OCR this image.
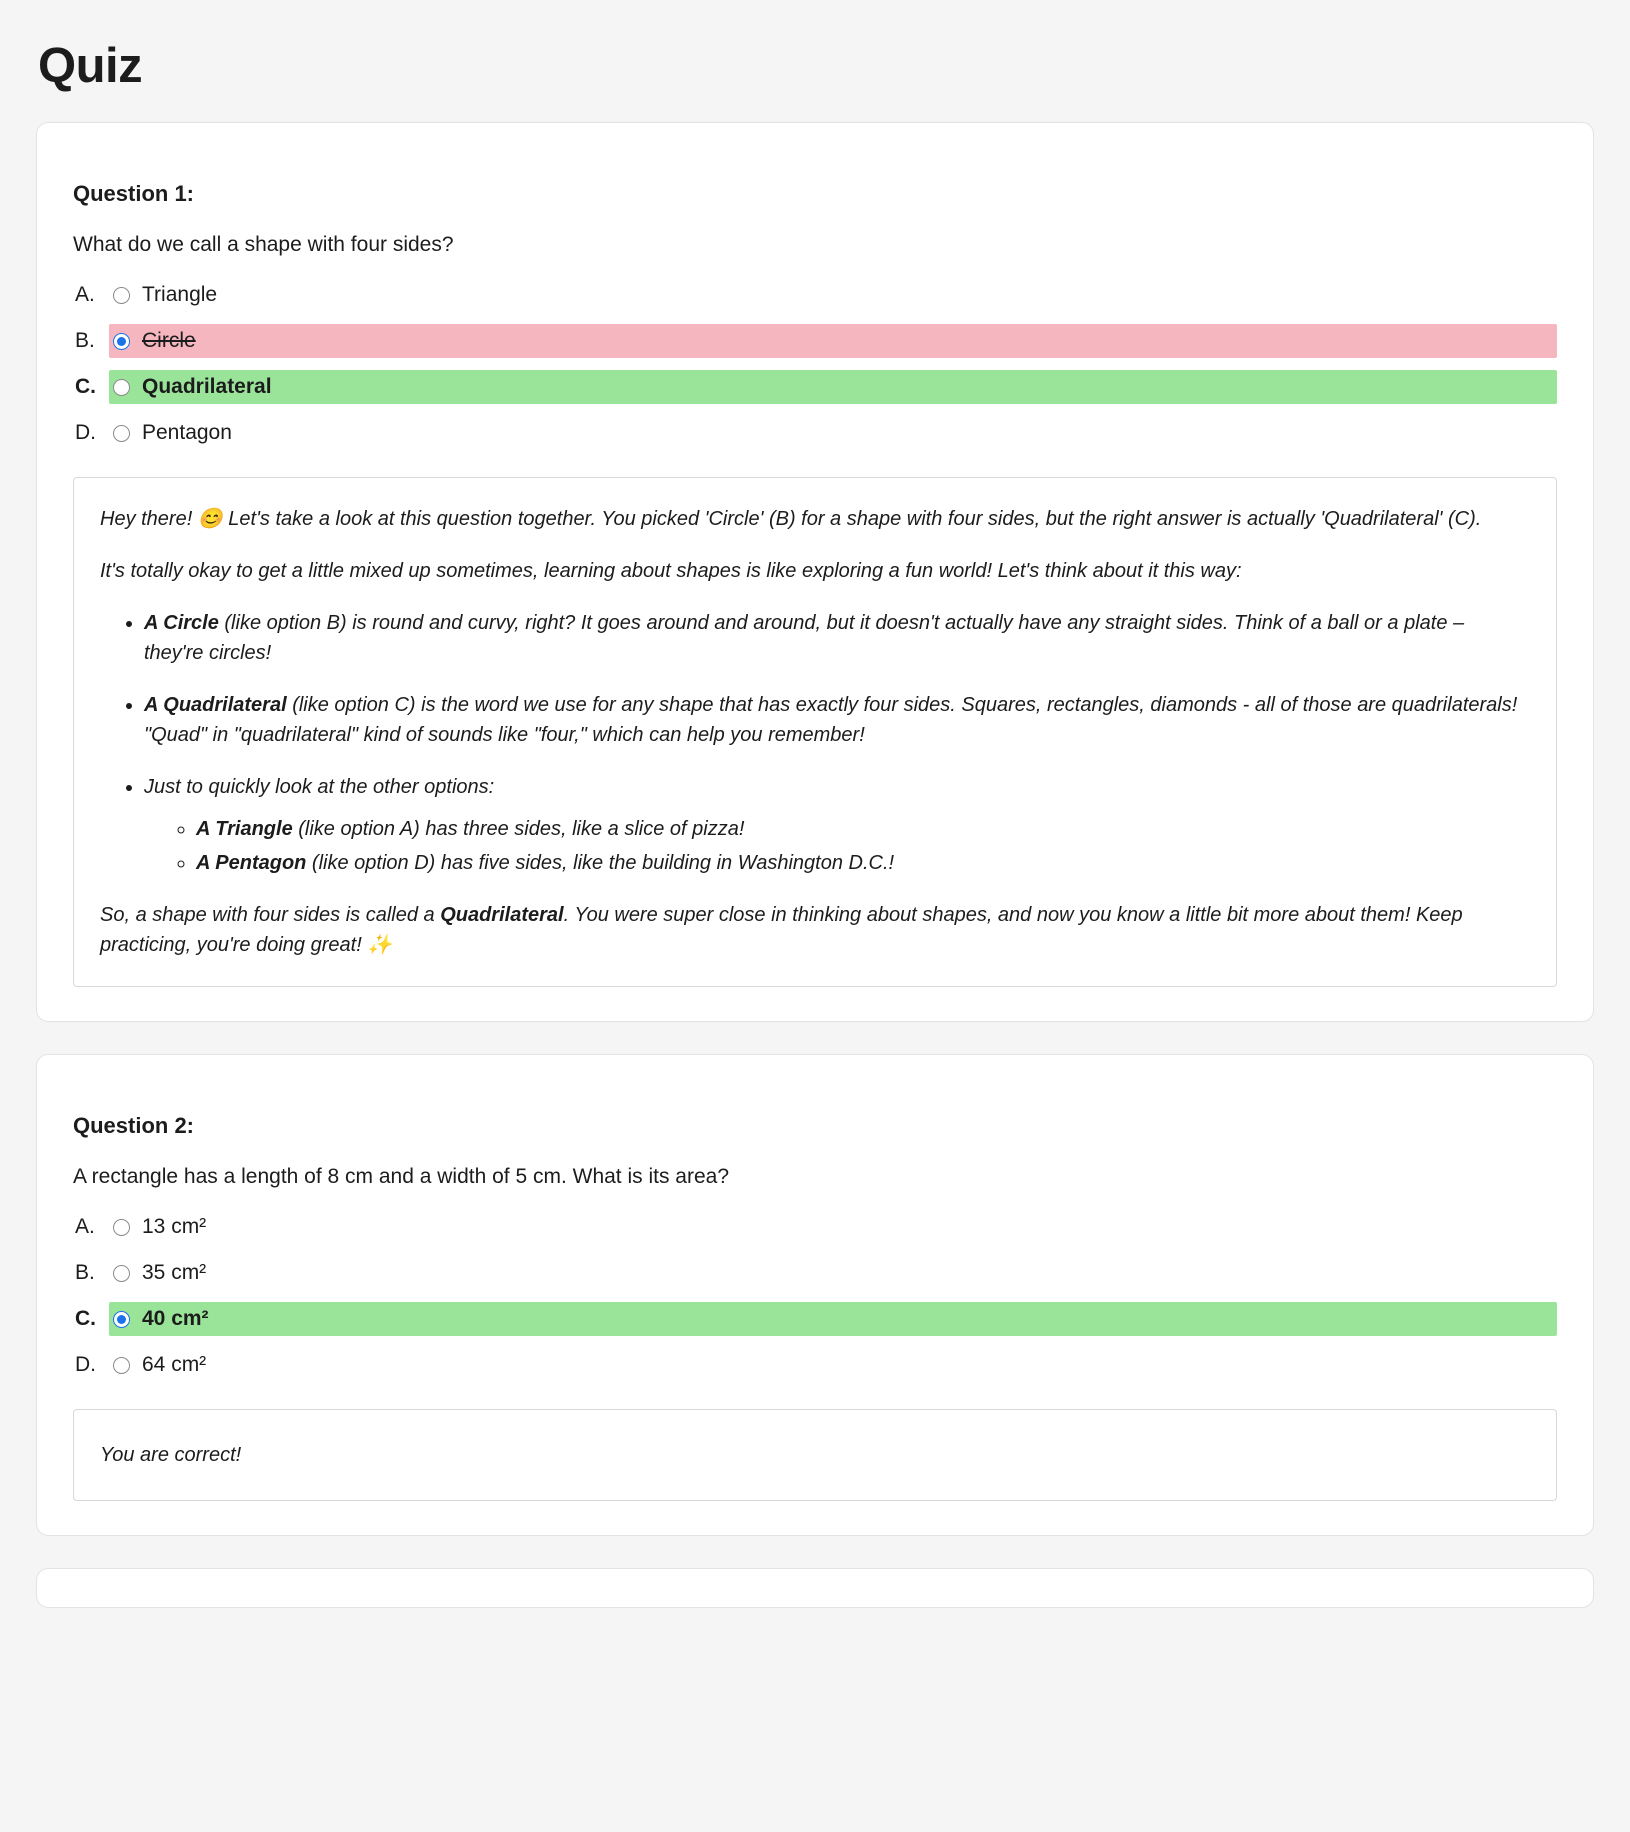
Quiz
Question 1:
What do we call a shape with four sides?
A.	Triangle
B.	Circle
C.	Quadrilateral
D.	Pentagon

Hey there! 😊 Let's take a look at this question together. You picked 'Circle' (B) for a shape with four sides, but the right answer is actually 'Quadrilateral' (C).

It's totally okay to get a little mixed up sometimes, learning about shapes is like exploring a fun world! Let's think about it this way:

• A Circle (like option B) is round and curvy, right? It goes around and around, but it doesn't actually have any straight sides. Think of a ball or a plate – they're circles!
• A Quadrilateral (like option C) is the word we use for any shape that has exactly four sides. Squares, rectangles, diamonds - all of those are quadrilaterals! "Quad" in "quadrilateral" kind of sounds like "four," which can help you remember!
• Just to quickly look at the other options:
◦ A Triangle (like option A) has three sides, like a slice of pizza!
◦ A Pentagon (like option D) has five sides, like the building in Washington D.C.!

So, a shape with four sides is called a Quadrilateral. You were super close in thinking about shapes, and now you know a little bit more about them! Keep practicing, you're doing great! ✨

Question 2:
A rectangle has a length of 8 cm and a width of 5 cm. What is its area?
A.	13 cm²
B.	35 cm²
C.	40 cm²
D.	64 cm²

You are correct!
